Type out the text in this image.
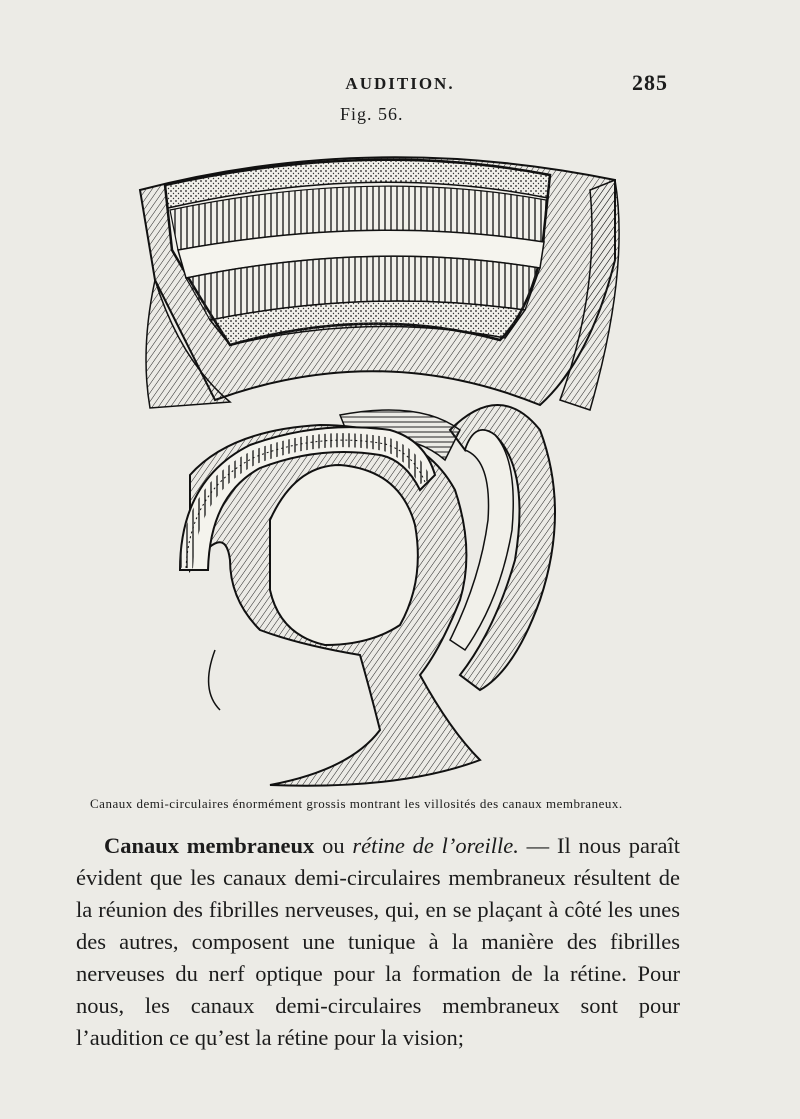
AUDITION.	285
Fig. 56.
Canaux demi-circulaires énormément grossis montrant les villosités des canaux membraneux.

Canaux membraneux ou rétine de l’oreille. — Il nous paraît évident que les canaux demi-circulaires membraneux résultent de la réunion des fibrilles nerveuses, qui, en se plaçant à côté les unes des autres, composent une tunique à la manière des fibrilles nerveuses du nerf optique pour la formation de la rétine. Pour nous, les canaux demi-circulaires membraneux sont pour l’audition ce qu’est la rétine pour la vision;
